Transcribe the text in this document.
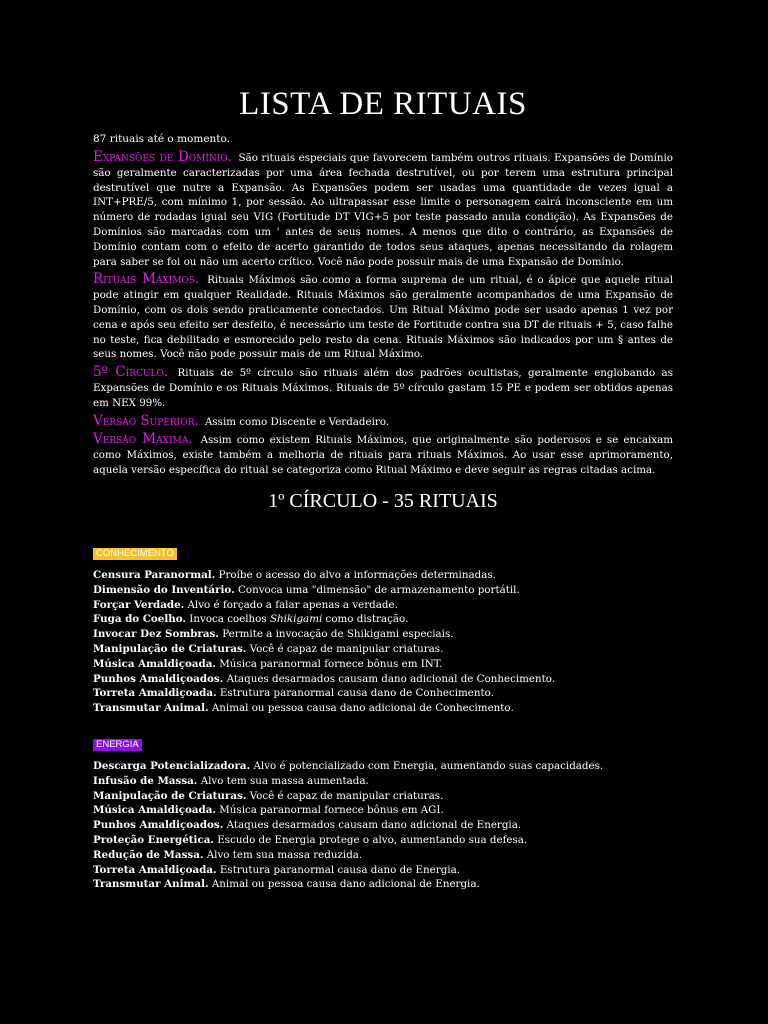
LISTA DE RITUAIS
87 rituais até o momento.

Expansões de Domínio. São rituais especiais que favorecem também outros rituais. Expansões de Domínio são geralmente caracterizadas por uma área fechada destrutível, ou por terem uma estrutura principal destrutível que nutre a Expansão. As Expansões podem ser usadas uma quantidade de vezes igual a INT+PRE/5, com mínimo 1, por sessão. Ao ultrapassar esse limite o personagem cairá inconsciente em um número de rodadas igual seu VIG (Fortitude DT VIG+5 por teste passado anula condição). As Expansões de Domínios são marcadas com um ' antes de seus nomes. A menos que dito o contrário, as Expansões de Domínio contam com o efeito de acerto garantido de todos seus ataques, apenas necessitando da rolagem para saber se foi ou não um acerto crítico. Você não pode possuir mais de uma Expansão de Domínio.

Rituais Máximos. Rituais Máximos são como a forma suprema de um ritual, é o ápice que aquele ritual pode atingir em qualquer Realidade. Rituais Máximos são geralmente acompanhados de uma Expansão de Domínio, com os dois sendo praticamente conectados. Um Ritual Máximo pode ser usado apenas 1 vez por cena e após seu efeito ser desfeito, é necessário um teste de Fortitude contra sua DT de rituais + 5, caso falhe no teste, fica debilitado e esmorecido pelo resto da cena. Rituais Máximos são indicados por um § antes de seus nomes. Você não pode possuir mais de um Ritual Máximo.

5º Círculo. Rituais de 5º círculo são rituais além dos padrões ocultistas, geralmente englobando as Expansões de Domínio e os Rituais Máximos. Rituais de 5º círculo gastam 15 PE e podem ser obtidos apenas em NEX 99%.

Versão Superior. Assim como Discente e Verdadeiro.

Versão Máxima. Assim como existem Rituais Máximos, que originalmente são poderosos e se encaixam como Máximos, existe também a melhoria de rituais para rituais Máximos. Ao usar esse aprimoramento, aquela versão específica do ritual se categoriza como Ritual Máximo e deve seguir as regras citadas acima.

1º CÍRCULO - 35 RITUAIS
CONHECIMENTO
Censura Paranormal. Proíbe o acesso do alvo a informações determinadas.
Dimensão do Inventário. Convoca uma "dimensão" de armazenamento portátil.
Forçar Verdade. Alvo é forçado a falar apenas a verdade.
Fuga do Coelho. Invoca coelhos Shikigami como distração.
Invocar Dez Sombras. Permite a invocação de Shikigami especiais.
Manipulação de Criaturas. Você é capaz de manipular criaturas.
Música Amaldiçoada. Música paranormal fornece bônus em INT.
Punhos Amaldiçoados. Ataques desarmados causam dano adicional de Conhecimento.
Torreta Amaldiçoada. Estrutura paranormal causa dano de Conhecimento.
Transmutar Animal. Animal ou pessoa causa dano adicional de Conhecimento.
ENERGIA
Descarga Potencializadora. Alvo é potencializado com Energia, aumentando suas capacidades.
Infusão de Massa. Alvo tem sua massa aumentada.
Manipulação de Criaturas. Você é capaz de manipular criaturas.
Música Amaldiçoada. Música paranormal fornece bônus em AGI.
Punhos Amaldiçoados. Ataques desarmados causam dano adicional de Energia.
Proteção Energética. Escudo de Energia protege o alvo, aumentando sua defesa.
Redução de Massa. Alvo tem sua massa reduzida.
Torreta Amaldiçoada. Estrutura paranormal causa dano de Energia.
Transmutar Animal. Animal ou pessoa causa dano adicional de Energia.
